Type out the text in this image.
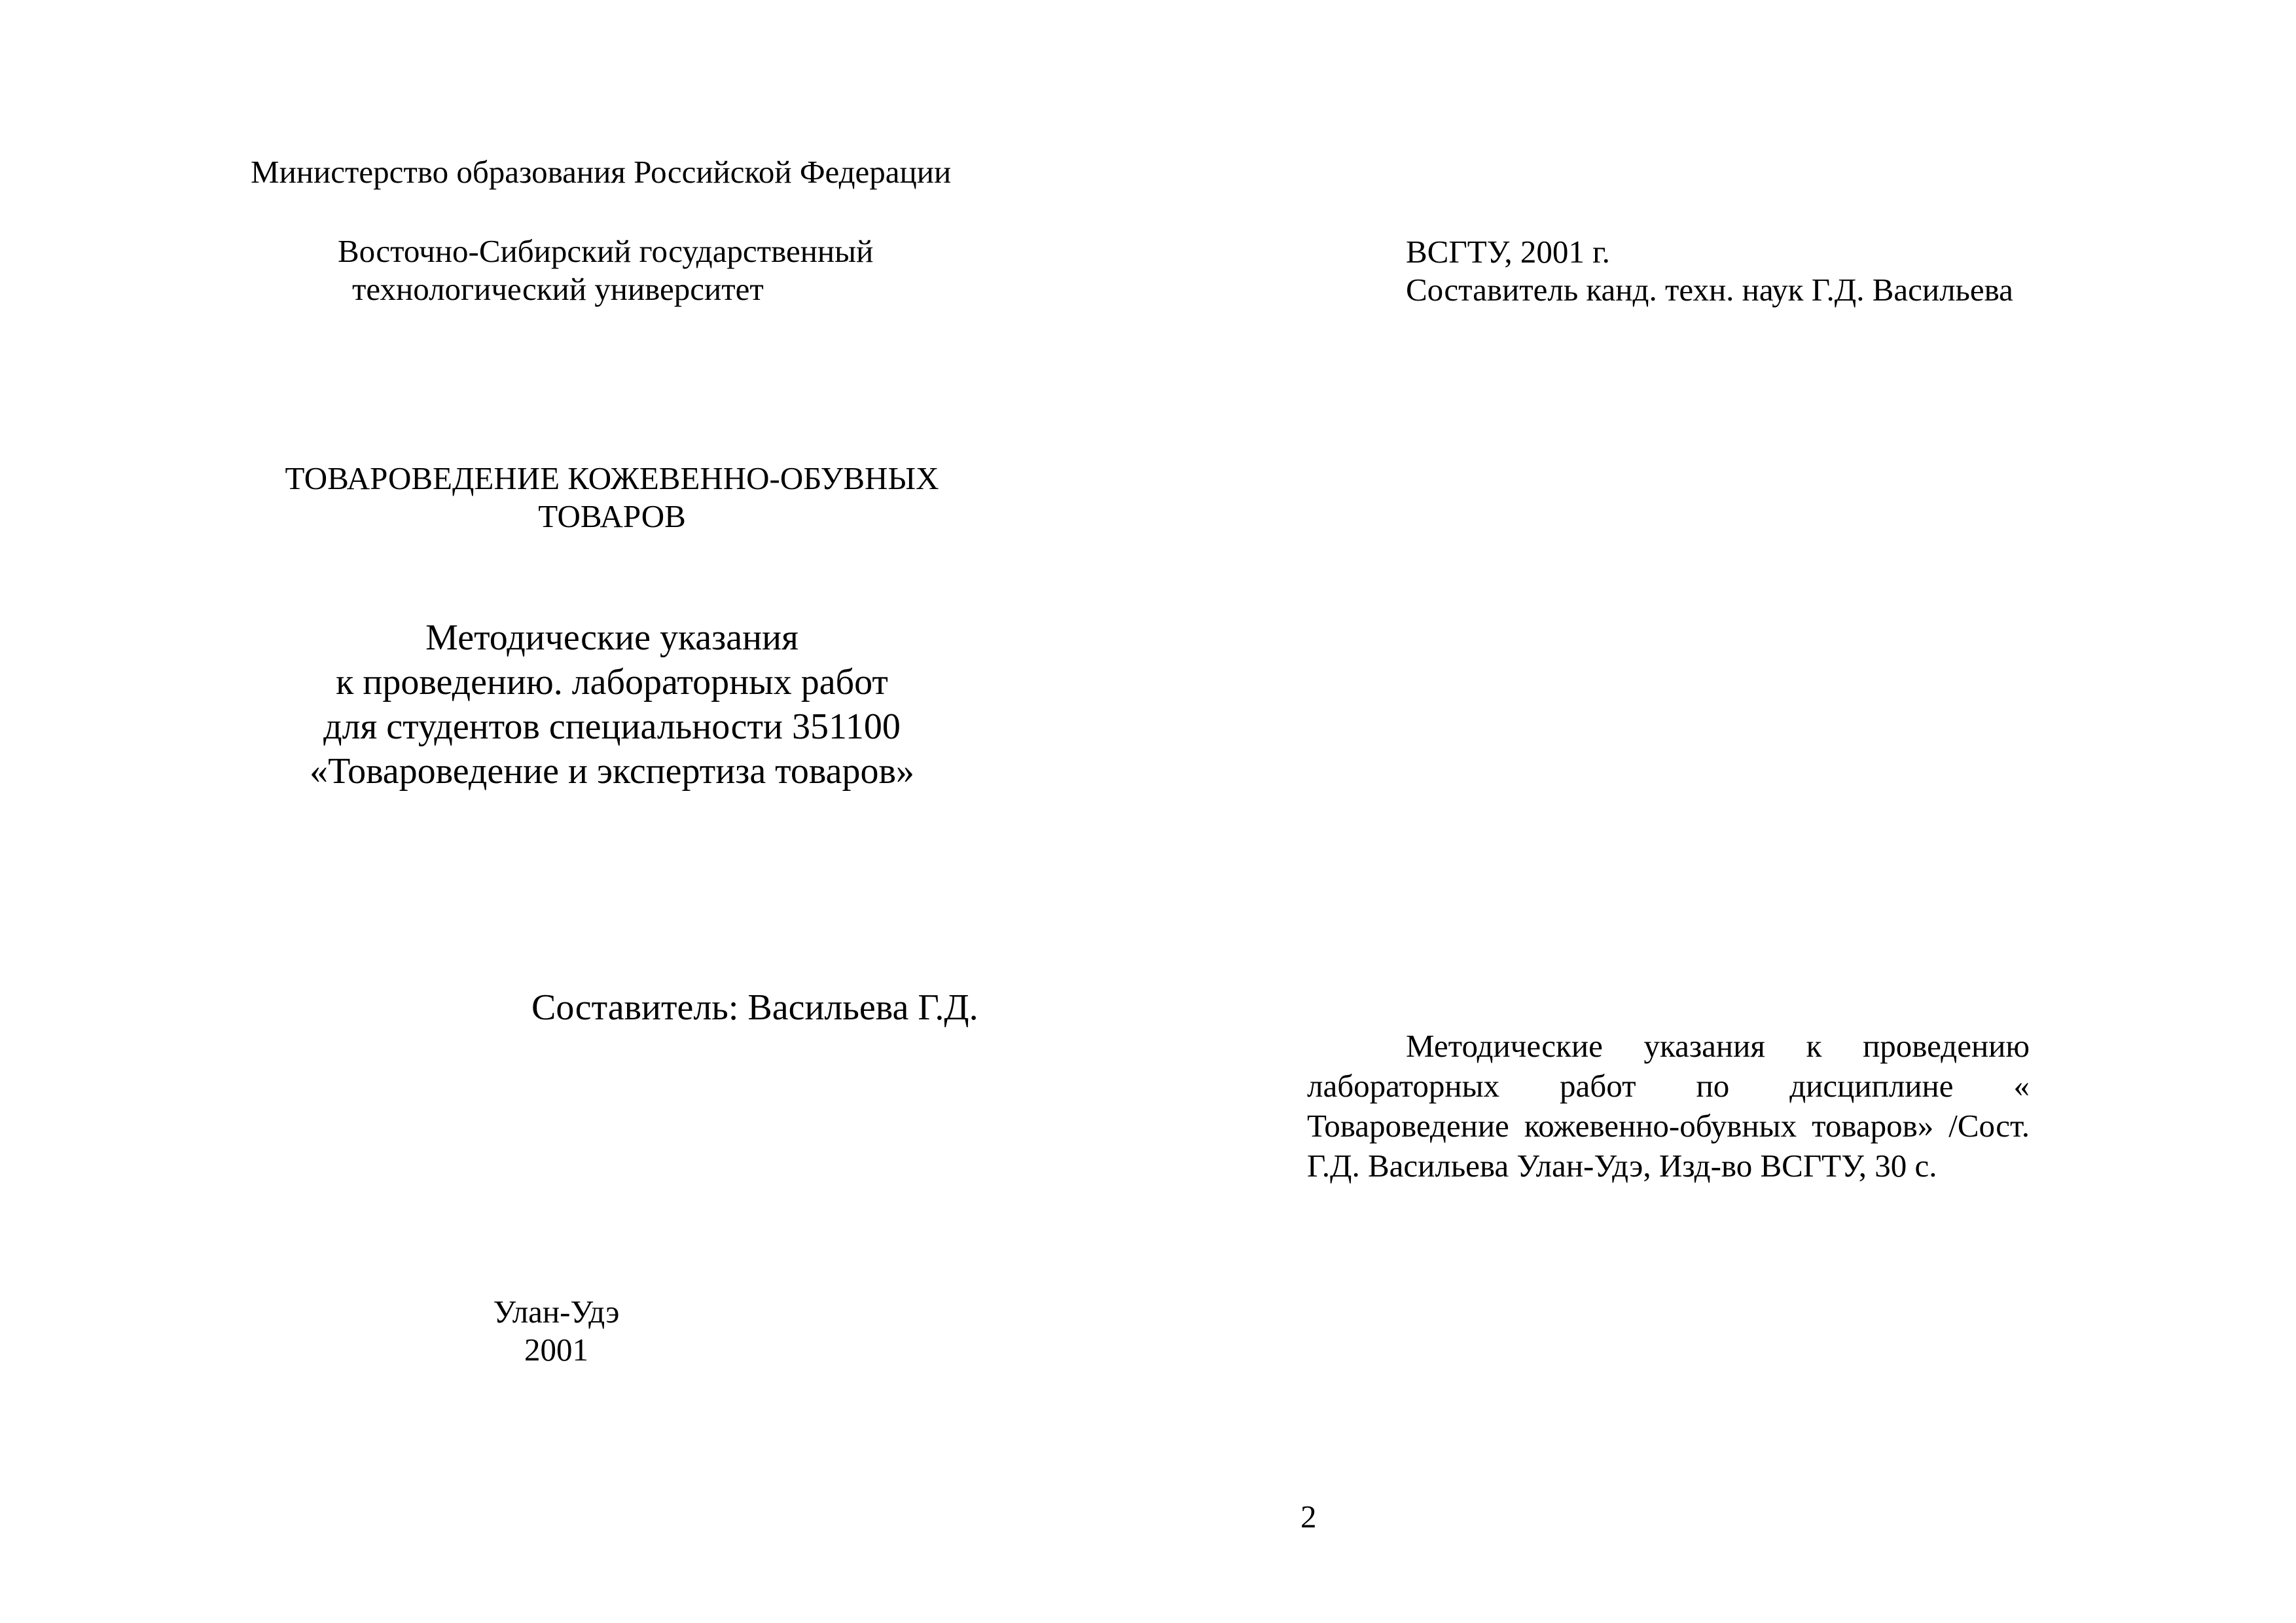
Министерство образования Российской Федерации
Восточно-Сибирский государственный
технологический университет
ТОВАРОВЕДЕНИЕ КОЖЕВЕННО-ОБУВНЫХ
ТОВАРОВ
Методические указания
к проведению. лабораторных работ
для студентов специальности 351100
«Товароведение и экспертиза товаров»
Составитель: Васильева Г.Д.
Улан-Удэ
2001
ВСГТУ, 2001 г.
Составитель канд. техн. наук Г.Д. Васильева
Методические указания к проведению лабораторных работ по дисциплине « Товароведение кожевенно-обувных товаров» /Сост. Г.Д. Васильева Улан-Удэ, Изд-во ВСГТУ, 30 с.
2
